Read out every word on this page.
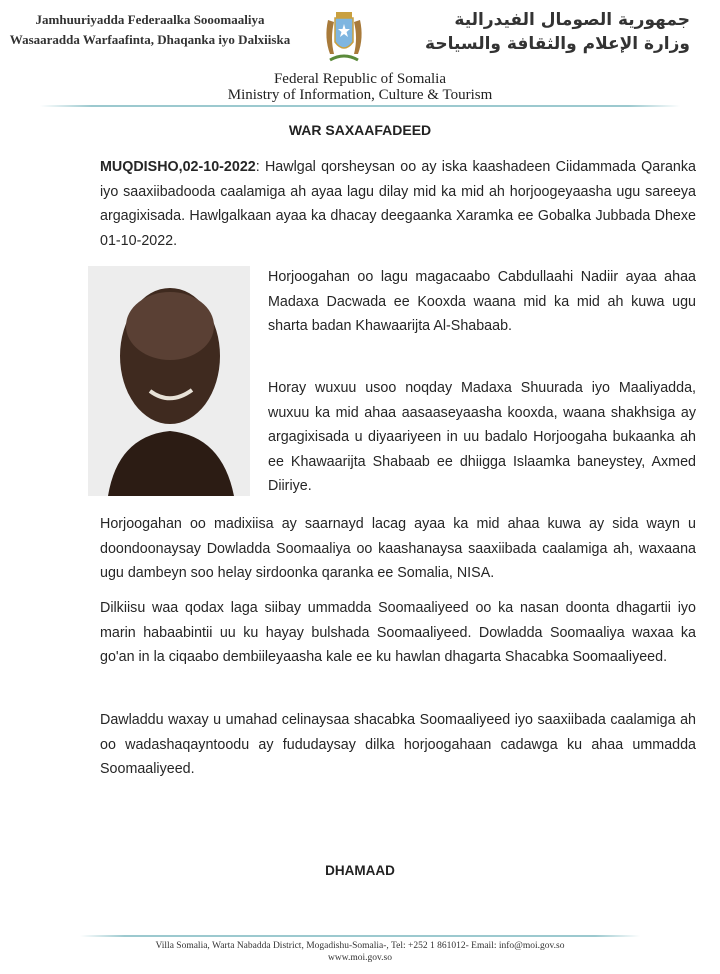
Jamhuuriyadda Federaalka Sooomaaliya
Wasaaradda Warfaafinta, Dhaqanka iyo Dalxiiska
جمهورية الصومال الفيدرالية
وزارة الإعلام والثقافة والسياحة
Federal Republic of Somalia
Ministry of Information, Culture & Tourism
WAR SAXAAFADEED
MUQDISHO,02-10-2022: Hawlgal qorsheysan oo ay iska kaashadeen Ciidammada Qaranka iyo saaxiibadooda caalamiga ah ayaa lagu dilay mid ka mid ah horjoogeyaasha ugu sareeya argagixisada. Hawlgalkaan ayaa ka dhacay deegaanka Xaramka ee Gobalka Jubbada Dhexe 01-10-2022.
Horjoogahan oo lagu magacaabo Cabdullaahi Nadiir ayaa ahaa Madaxa Dacwada ee Kooxda waana mid ka mid ah kuwa ugu sharta badan Khawaarijta Al-Shabaab.
Horay wuxuu usoo noqday Madaxa Shuurada iyo Maaliyadda, wuxuu ka mid ahaa aasaaseyaasha kooxda, waana shakhsiga ay argagixisada u diyaariyeen in uu badalo Horjoogaha bukaanka ah ee Khawaarijta Shabaab ee dhiigga Islaamka baneystey, Axmed Diiriye.
Horjoogahan oo madixiisa ay saarnayd lacag ayaa ka mid ahaa kuwa ay sida wayn u doondoonaysay Dowladda Soomaaliya oo kaashanaysa saaxiibada caalamiga ah, waxaana ugu dambeyn soo helay sirdoonka qaranka ee Somalia, NISA.
Dilkiisu waa qodax laga siibay ummadda Soomaaliyeed oo ka nasan doonta dhagartii iyo marin habaabintii uu ku hayay bulshada Soomaaliyeed. Dowladda Soomaaliya waxaa ka go'an in la ciqaabo dembiileyaasha kale ee ku hawlan dhagarta Shacabka Soomaaliyeed.
Dawladdu waxay u umahad celinaysaa shacabka Soomaaliyeed iyo saaxiibada caalamiga ah oo wadashaqayntoodu ay fududaysay dilka horjoogahaan cadawga ku ahaa ummadda Soomaaliyeed.
DHAMAAD
Villa Somalia, Warta Nabadda District, Mogadishu-Somalia-, Tel: +252 1 861012- Email: info@moi.gov.so
www.moi.gov.so
